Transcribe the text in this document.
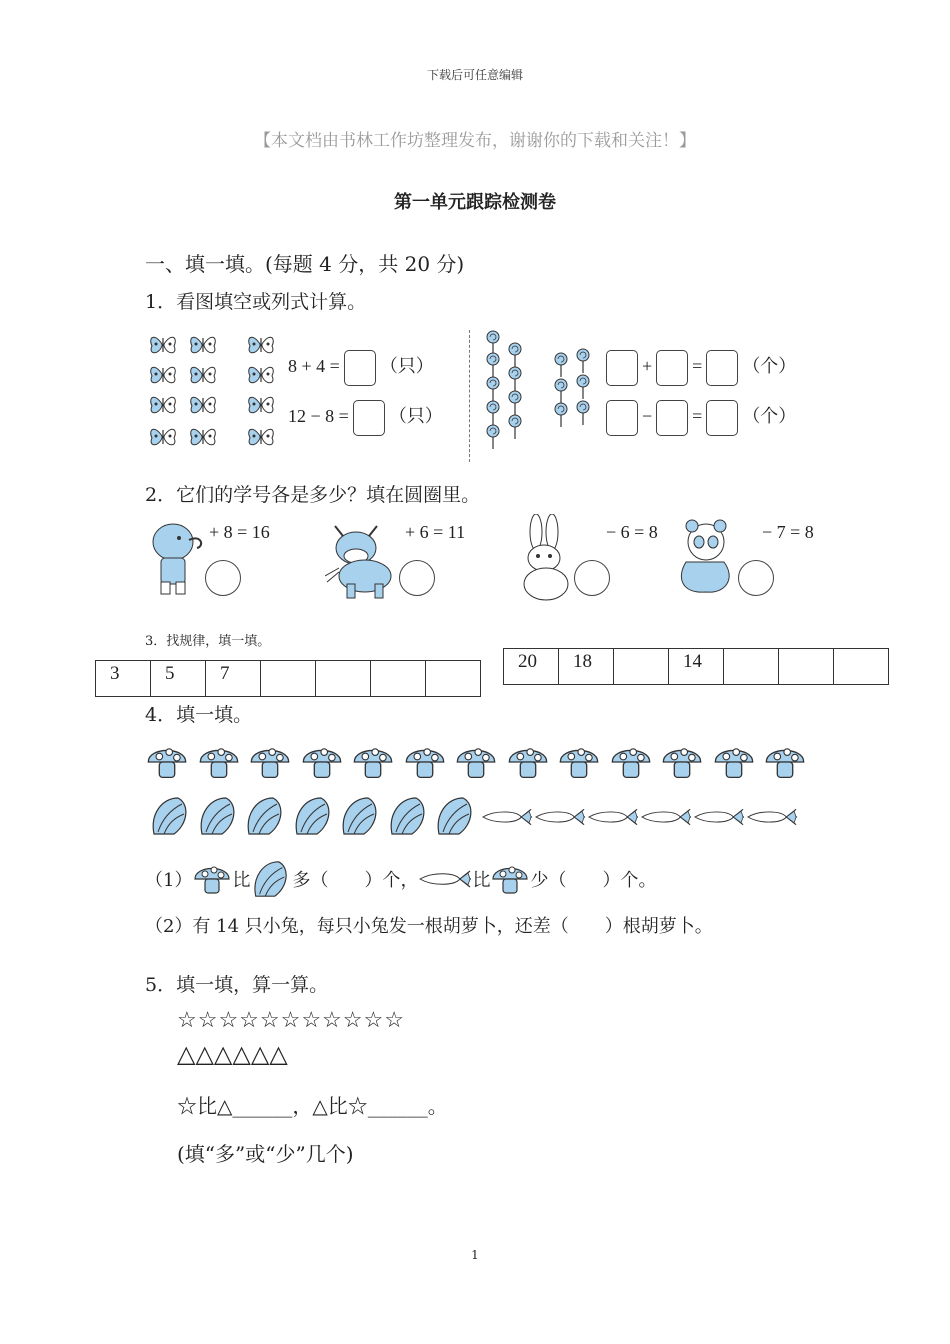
下载后可任意编辑
【本文档由书林工作坊整理发布，谢谢你的下载和关注！】
第一单元跟踪检测卷
一、填一填。(每题 4 分，共 20 分)
1．看图填空或列式计算。
8 + 4 = （只）
12 − 8 = （只）
+ = （个）
− = （个）
2．它们的学号各是多少？填在圆圈里。
+ 8 = 16	+ 6 = 11	− 6 = 8	− 7 = 8
3．找规律，填一填。
3	5	7				
20	18		14			
4．填一填。
（1） 比 多（　　）个，	比 少（　　）个。
（2）有 14 只小兔，每只小兔发一根胡萝卜，还差（　　）根胡萝卜。
5．填一填，算一算。
☆☆☆☆☆☆☆☆☆☆☆
△△△△△△
☆比△______，△比☆______。
(填“多”或“少”几个)
1
